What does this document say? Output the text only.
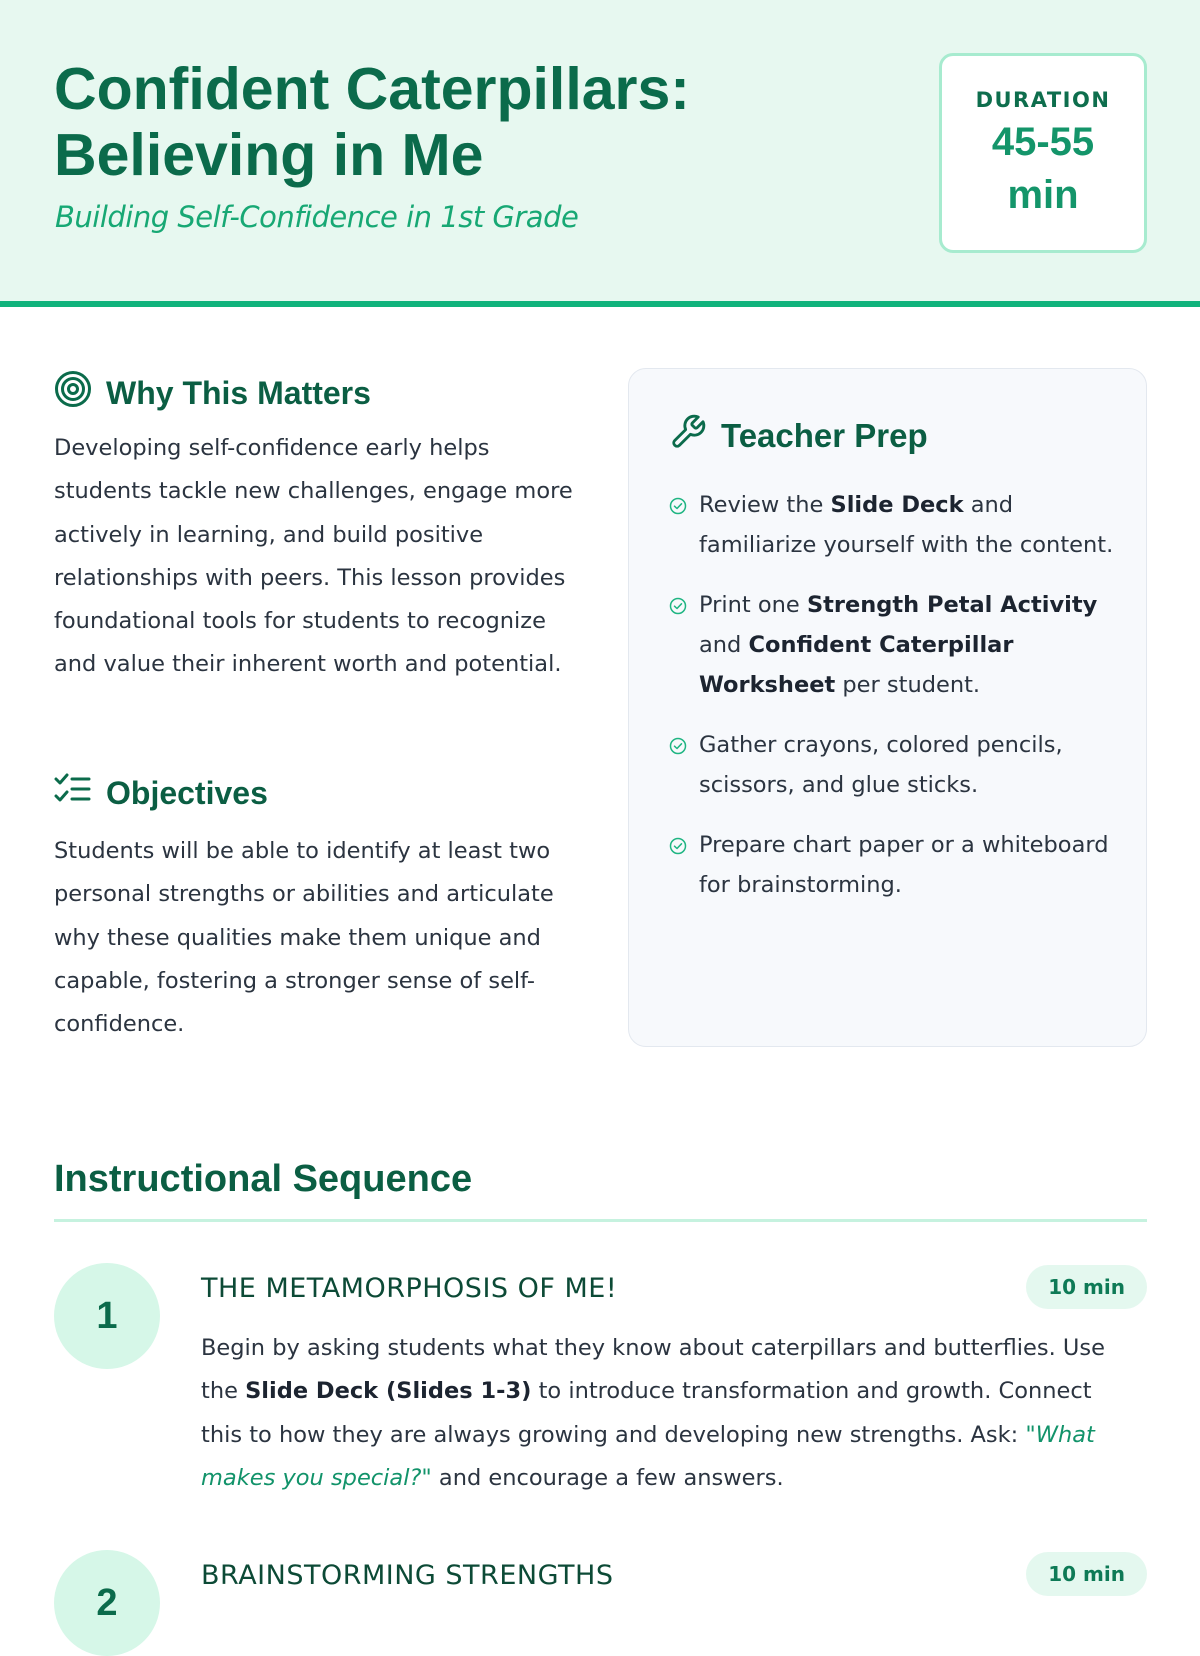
Confident Caterpillars:
Believing in Me
Building Self-Confidence in 1st Grade
DURATION
45-55 min
Why This Matters
Developing self-confidence early helps students tackle new challenges, engage more actively in learning, and build positive relationships with peers. This lesson provides foundational tools for students to recognize and value their inherent worth and potential.
Objectives
Students will be able to identify at least two personal strengths or abilities and articulate why these qualities make them unique and capable, fostering a stronger sense of self-confidence.
Teacher Prep
Review the Slide Deck and familiarize yourself with the content.
Print one Strength Petal Activity and Confident Caterpillar Worksheet per student.
Gather crayons, colored pencils, scissors, and glue sticks.
Prepare chart paper or a whiteboard for brainstorming.
Instructional Sequence
1
THE METAMORPHOSIS OF ME!	10 min
Begin by asking students what they know about caterpillars and butterflies. Use the Slide Deck (Slides 1-3) to introduce transformation and growth. Connect this to how they are always growing and developing new strengths. Ask: "What makes you special?" and encourage a few answers.
2
BRAINSTORMING STRENGTHS	10 min
